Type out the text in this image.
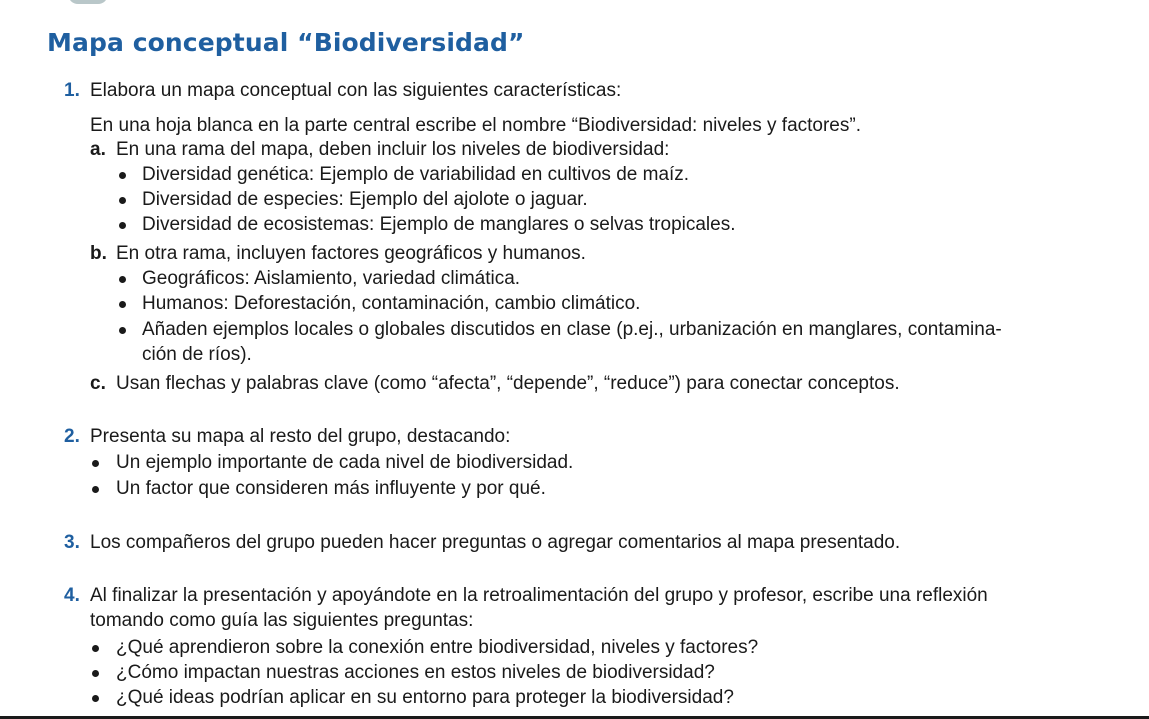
Mapa conceptual “Biodiversidad”
1. Elabora un mapa conceptual con las siguientes características:
En una hoja blanca en la parte central escribe el nombre “Biodiversidad: niveles y factores”.
a. En una rama del mapa, deben incluir los niveles de biodiversidad:
Diversidad genética: Ejemplo de variabilidad en cultivos de maíz.
Diversidad de especies: Ejemplo del ajolote o jaguar.
Diversidad de ecosistemas: Ejemplo de manglares o selvas tropicales.
b. En otra rama, incluyen factores geográficos y humanos.
Geográficos: Aislamiento, variedad climática.
Humanos: Deforestación, contaminación, cambio climático.
Añaden ejemplos locales o globales discutidos en clase (p.ej., urbanización en manglares, contamina-
ción de ríos).
c. Usan flechas y palabras clave (como “afecta”, “depende”, “reduce”) para conectar conceptos.
2. Presenta su mapa al resto del grupo, destacando:
Un ejemplo importante de cada nivel de biodiversidad.
Un factor que consideren más influyente y por qué.
3. Los compañeros del grupo pueden hacer preguntas o agregar comentarios al mapa presentado.
4. Al finalizar la presentación y apoyándote en la retroalimentación del grupo y profesor, escribe una reflexión
tomando como guía las siguientes preguntas:
¿Qué aprendieron sobre la conexión entre biodiversidad, niveles y factores?
¿Cómo impactan nuestras acciones en estos niveles de biodiversidad?
¿Qué ideas podrían aplicar en su entorno para proteger la biodiversidad?
